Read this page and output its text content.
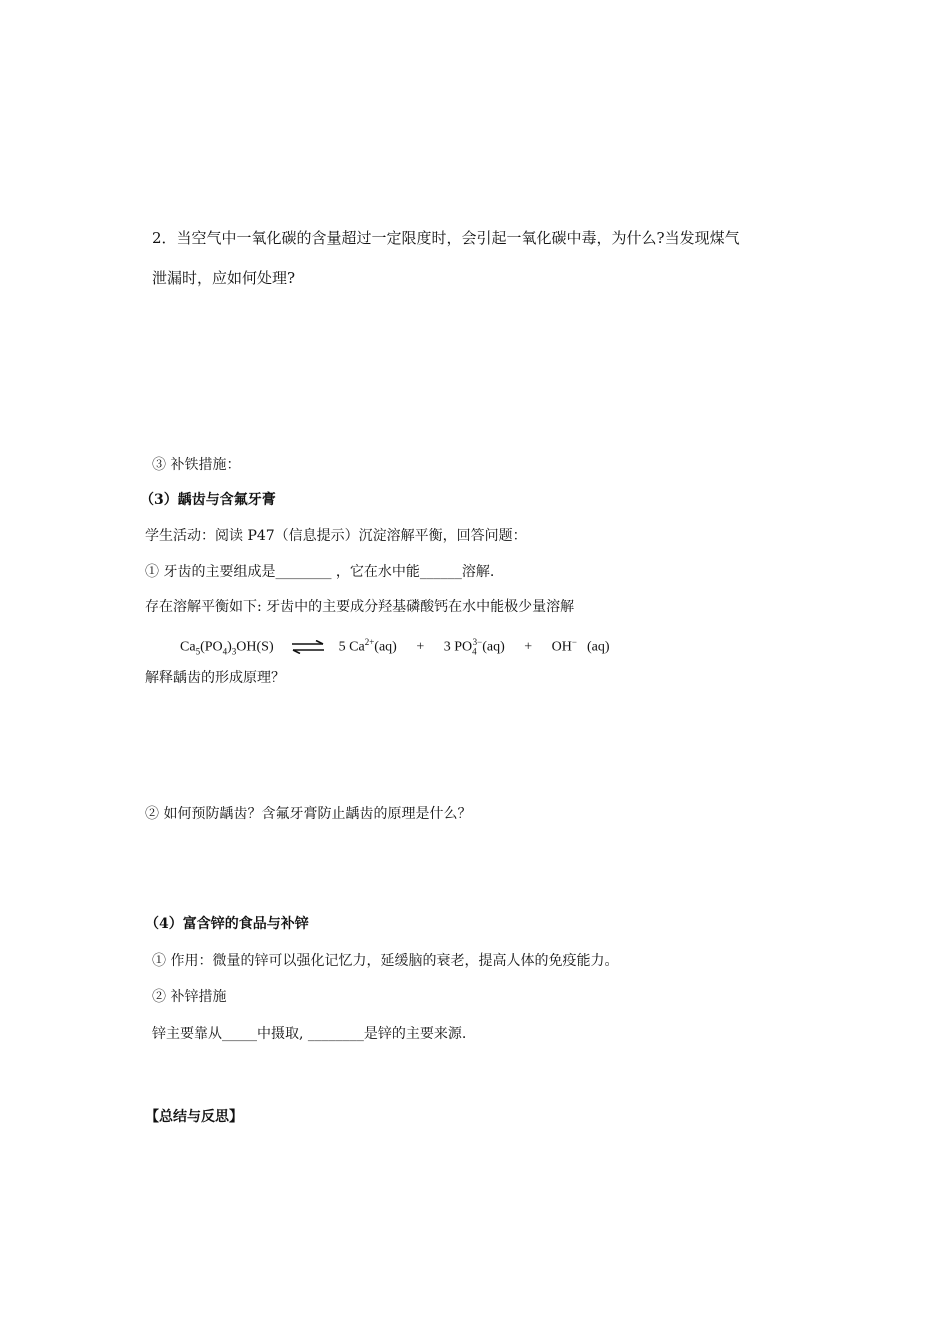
2．当空气中一氧化碳的含量超过一定限度时，会引起一氧化碳中毒，为什么?当发现煤气
泄漏时，应如何处理?
③ 补铁措施：
（3）龋齿与含氟牙膏
学生活动：阅读 P47（信息提示）沉淀溶解平衡，回答问题：
① 牙齿的主要组成是________ ，它在水中能______溶解.
存在溶解平衡如下: 牙齿中的主要成分羟基磷酸钙在水中能极少量溶解
$Ca_5(PO_4)_3OH(S)$ ⇌ 5 $Ca^{2+}(aq) + 3$ $PO_4^{3-}(aq) + OH^-$ (aq)
解释龋齿的形成原理？
② 如何预防龋齿？含氟牙膏防止龋齿的原理是什么？
（4）富含锌的食品与补锌
① 作用：微量的锌可以强化记忆力，延缓脑的衰老，提高人体的免疫能力。
② 补锌措施
锌主要靠从_____中摄取, ________是锌的主要来源.
【总结与反思】
